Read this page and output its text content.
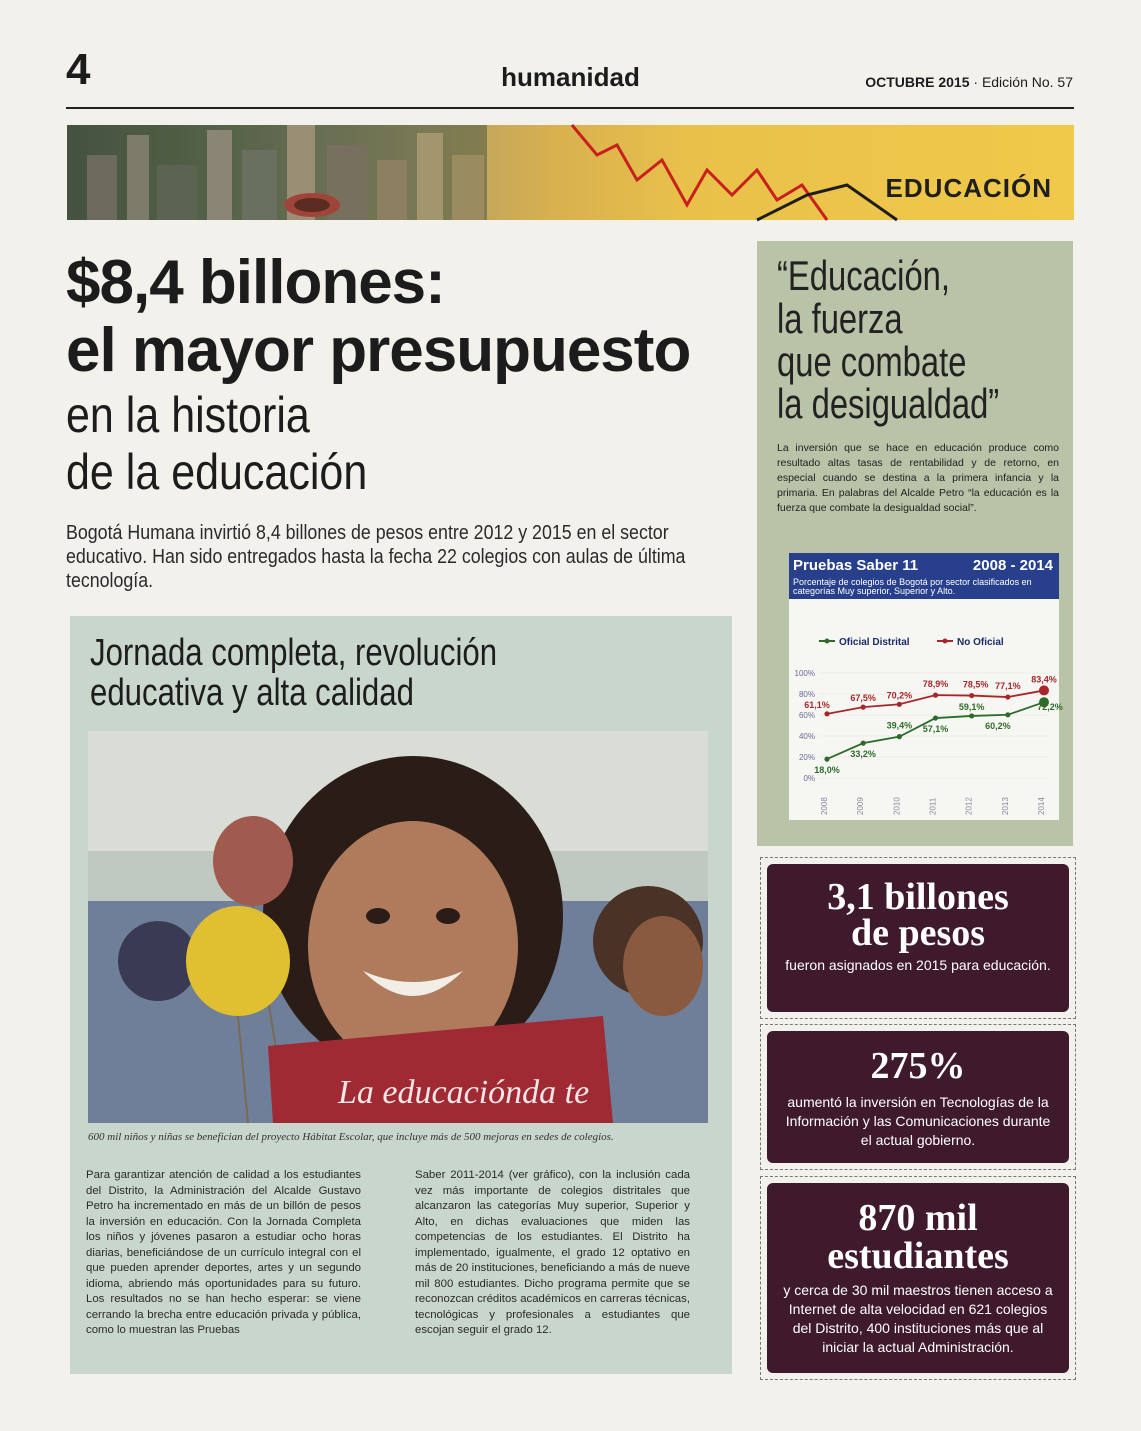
4	humanidad	OCTUBRE 2015 · Edición No. 57
EDUCACIÓN
$8,4 billones:
el mayor presupuesto
en la historia
de la educación
Bogotá Humana invirtió 8,4 billones de pesos entre 2012 y 2015 en el sector educativo. Han sido entregados hasta la fecha 22 colegios con aulas de última tecnología.
Jornada completa, revolución educativa y alta calidad
La educaciónda te
600 mil niños y niñas se benefician del proyecto Hábitat Escolar, que incluye más de 500 mejoras en sedes de colegios.
Para garantizar atención de calidad a los estudiantes del Distrito, la Administración del Alcalde Gustavo Petro ha incrementado en más de un billón de pesos la inversión en educación. Con la Jornada Completa los niños y jóvenes pasaron a estudiar ocho horas diarias, beneficiándose de un currículo integral con el que pueden aprender deportes, artes y un segundo idioma, abriendo más oportunidades para su futuro. Los resultados no se han hecho esperar: se viene cerrando la brecha entre educación privada y pública, como lo muestran las Pruebas
Saber 2011-2014 (ver gráfico), con la inclusión cada vez más importante de colegios distritales que alcanzaron las categorías Muy superior, Superior y Alto, en dichas evaluaciones que miden las competencias de los estudiantes. El Distrito ha implementado, igualmente, el grado 12 optativo en más de 20 instituciones, beneficiando a más de nueve mil 800 estudiantes. Dicho programa permite que se reconozcan créditos académicos en carreras técnicas, tecnológicas y profesionales a estudiantes que escojan seguir el grado 12.
“Educación,
la fuerza
que combate
la desigualdad”
La inversión que se hace en educación produce como resultado altas tasas de rentabilidad y de retorno, en especial cuando se destina a la primera infancia y la primaria. En palabras del Alcalde Petro “la educación es la fuerza que combate la desigualdad social”.
Pruebas Saber 11	2008 - 2014
Porcentaje de colegios de Bogotá por sector clasificados en categorías Muy superior, Superior y Alto.
Oficial Distrital	No Oficial
0%
20%
40%
60%
80%
100%
2008	2009	2010	2011	2012	2013	2014
18,0%
33,2%
39,4% 57,1%
59,1%
60,2%
72,2%
61,1%
67,5% 70,2%
78,9% 78,5% 77,1%
83,4%
3,1 billones
de pesos
fueron asignados en 2015 para educación.
275%
aumentó la inversión en Tecnologías de la Información y las Comunicaciones durante el actual gobierno.
870 mil
estudiantes
y cerca de 30 mil maestros tienen acceso a Internet de alta velocidad en 621 colegios del Distrito, 400 instituciones más que al iniciar la actual Administración.
